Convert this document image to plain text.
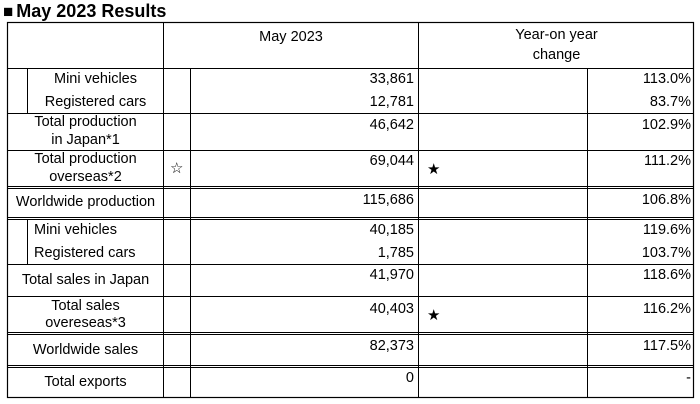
■ May 2023 Results
May 2023	Year-on year
change
Mini vehicles	33,861	113.0%
Registered cars	12,781	83.7%
Total production
in Japan*1
46,642	102.9%
Total production
overseas*2	☆	69,044 ★	111.2%
Worldwide production	115,686	106.8%
Mini vehicles	40,185	119.6%
Registered cars	1,785	103.7%
Total sales in Japan	41,970	118.6%
Total sales
overeseas*3
40,403 ★	116.2%
Worldwide sales	82,373	117.5%
Total exports	0	-
